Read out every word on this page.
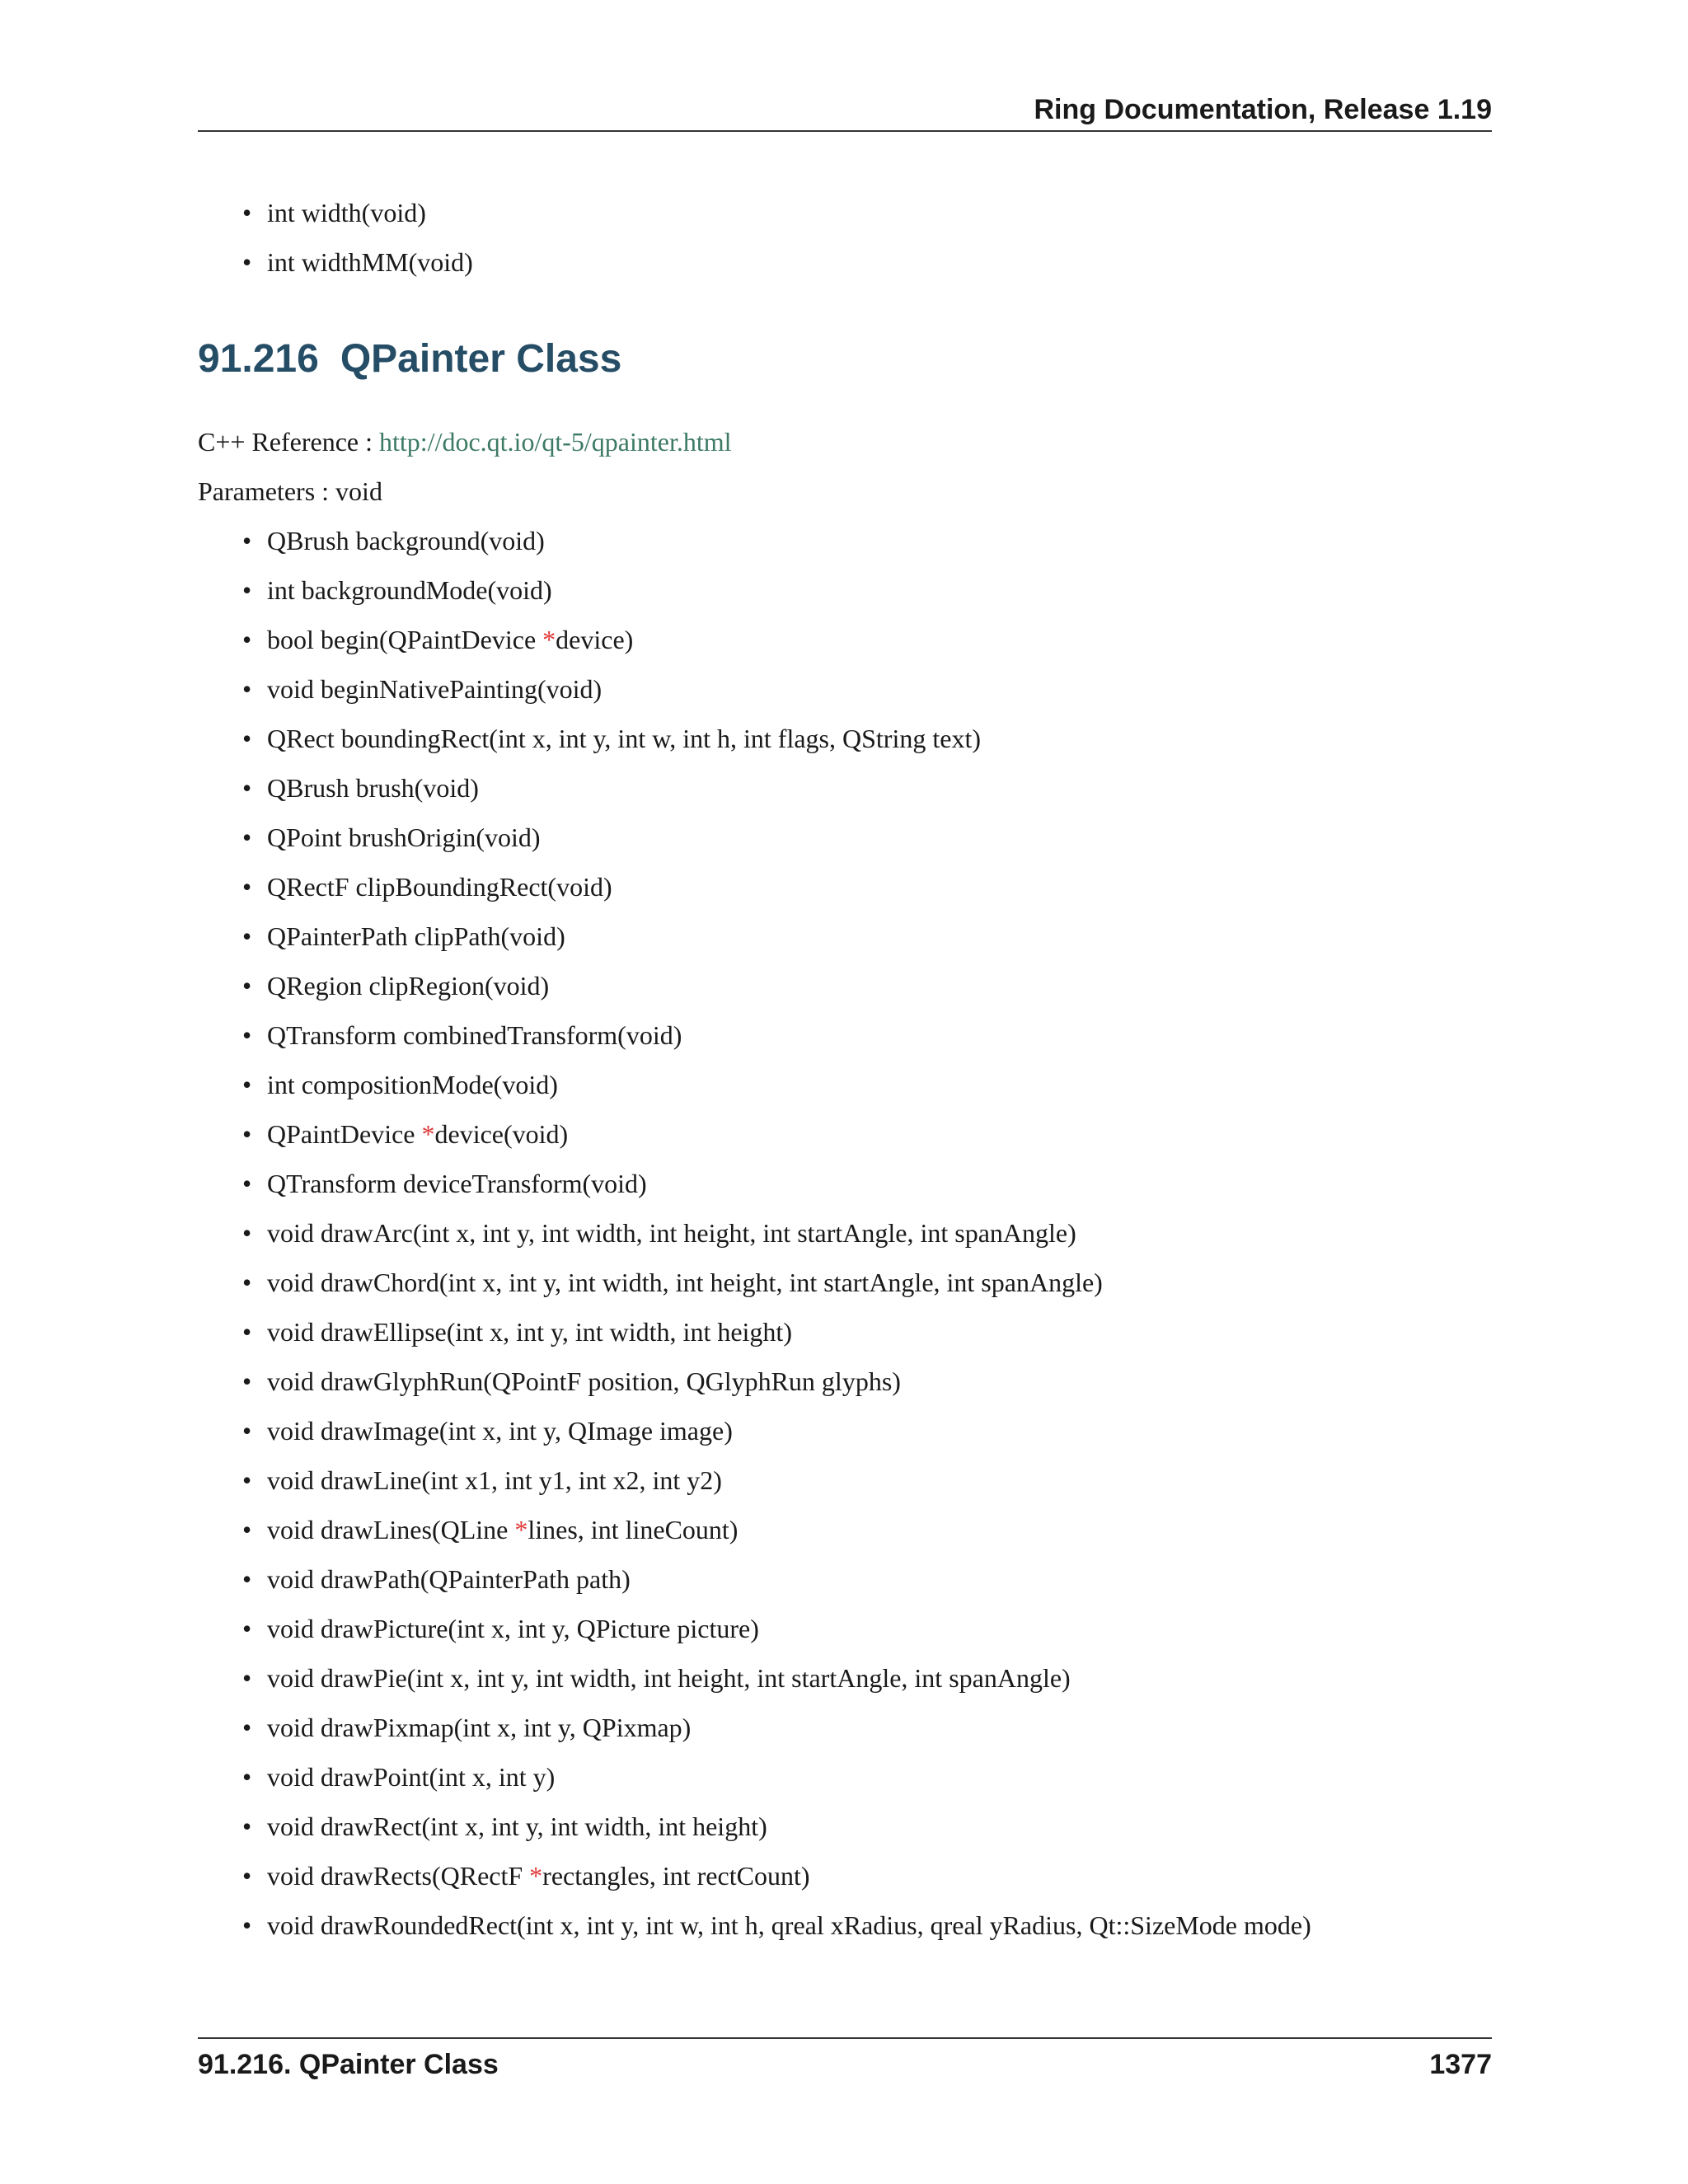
Ring Documentation, Release 1.19
• int width(void)
• int widthMM(void)
91.216 QPainter Class

C++ Reference : http://doc.qt.io/qt-5/qpainter.html

Parameters : void

• QBrush background(void)
• int backgroundMode(void)
• bool begin(QPaintDevice *device)
• void beginNativePainting(void)
• QRect boundingRect(int x, int y, int w, int h, int flags, QString text)
• QBrush brush(void)
• QPoint brushOrigin(void)
• QRectF clipBoundingRect(void)
• QPainterPath clipPath(void)
• QRegion clipRegion(void)
• QTransform combinedTransform(void)
• int compositionMode(void)
• QPaintDevice *device(void)
• QTransform deviceTransform(void)
• void drawArc(int x, int y, int width, int height, int startAngle, int spanAngle)
• void drawChord(int x, int y, int width, int height, int startAngle, int spanAngle)
• void drawEllipse(int x, int y, int width, int height)
• void drawGlyphRun(QPointF position, QGlyphRun glyphs)
• void drawImage(int x, int y, QImage image)
• void drawLine(int x1, int y1, int x2, int y2)
• void drawLines(QLine *lines, int lineCount)
• void drawPath(QPainterPath path)
• void drawPicture(int x, int y, QPicture picture)
• void drawPie(int x, int y, int width, int height, int startAngle, int spanAngle)
• void drawPixmap(int x, int y, QPixmap)
• void drawPoint(int x, int y)
• void drawRect(int x, int y, int width, int height)
• void drawRects(QRectF *rectangles, int rectCount)
• void drawRoundedRect(int x, int y, int w, int h, qreal xRadius, qreal yRadius, Qt::SizeMode mode)
91.216. QPainter Class	1377
